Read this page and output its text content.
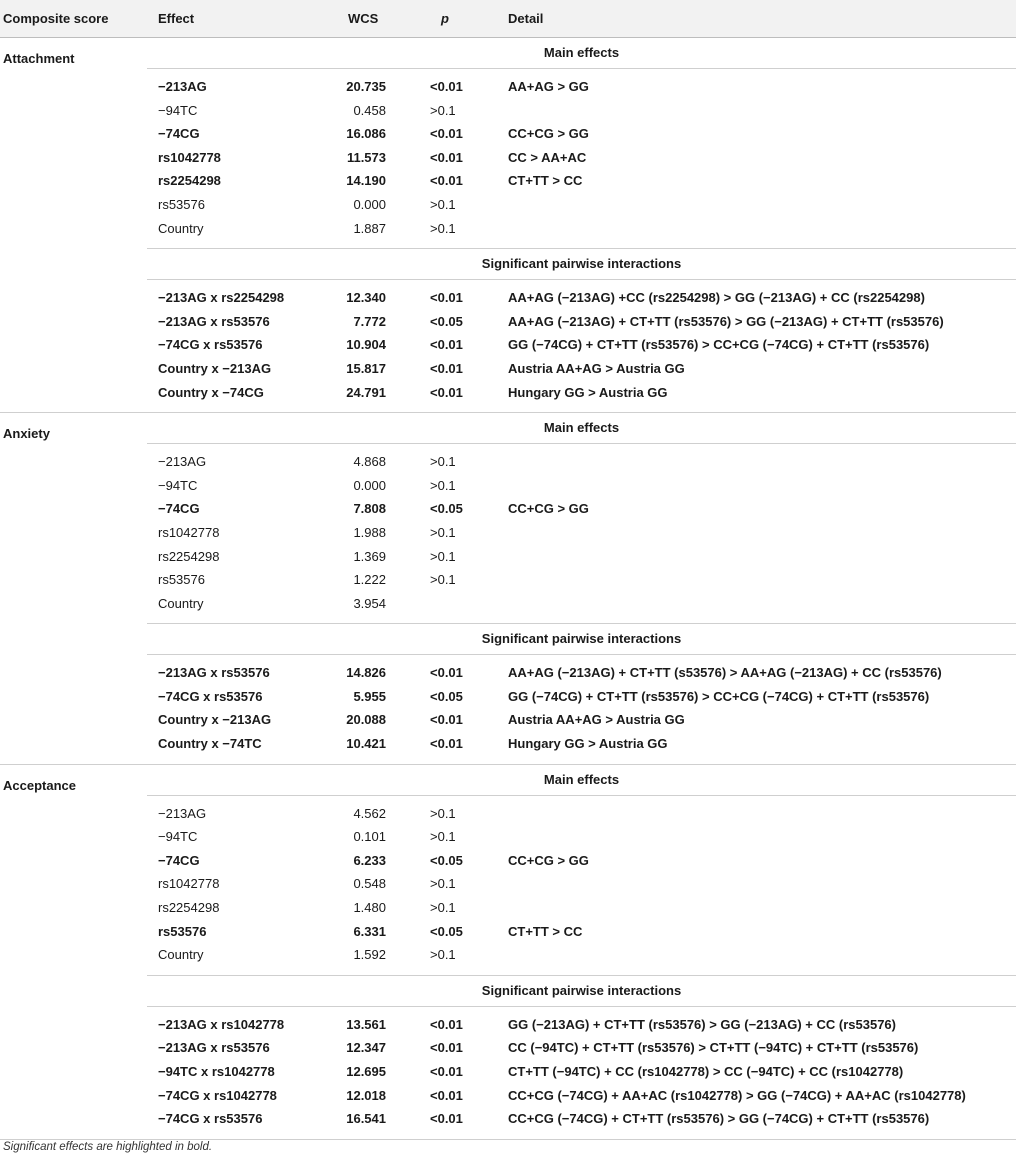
Composite score	Effect	WCS	p	Detail
Attachment	Main effects
−213AG	20.735	<0.01	AA+AG > GG
−94TC	0.458	>0.1
−74CG	16.086	<0.01	CC+CG > GG
rs1042778	11.573	<0.01	CC > AA+AC
rs2254298	14.190	<0.01	CT+TT > CC
rs53576	0.000	>0.1
Country	1.887	>0.1
Significant pairwise interactions
−213AG x rs2254298	12.340	<0.01	AA+AG (−213AG) +CC (rs2254298) > GG (−213AG) + CC (rs2254298)
−213AG x rs53576	7.772	<0.05	AA+AG (−213AG) + CT+TT (rs53576) > GG (−213AG) + CT+TT (rs53576)
−74CG x rs53576	10.904	<0.01	GG (−74CG) + CT+TT (rs53576) > CC+CG (−74CG) + CT+TT (rs53576)
Country x −213AG	15.817	<0.01	Austria AA+AG > Austria GG
Country x −74CG	24.791	<0.01	Hungary GG > Austria GG
Anxiety	Main effects
−213AG	4.868	>0.1
−94TC	0.000	>0.1
−74CG	7.808	<0.05	CC+CG > GG
rs1042778	1.988	>0.1
rs2254298	1.369	>0.1
rs53576	1.222	>0.1
Country	3.954
Significant pairwise interactions
−213AG x rs53576	14.826	<0.01	AA+AG (−213AG) + CT+TT (s53576) > AA+AG (−213AG) + CC (rs53576)
−74CG x rs53576	5.955	<0.05	GG (−74CG) + CT+TT (rs53576) > CC+CG (−74CG) + CT+TT (rs53576)
Country x −213AG	20.088	<0.01	Austria AA+AG > Austria GG
Country x −74TC	10.421	<0.01	Hungary GG > Austria GG
Acceptance	Main effects
−213AG	4.562	>0.1
−94TC	0.101	>0.1
−74CG	6.233	<0.05	CC+CG > GG
rs1042778	0.548	>0.1
rs2254298	1.480	>0.1
rs53576	6.331	<0.05	CT+TT > CC
Country	1.592	>0.1
Significant pairwise interactions
−213AG x rs1042778	13.561	<0.01	GG (−213AG) + CT+TT (rs53576) > GG (−213AG) + CC (rs53576)
−213AG x rs53576	12.347	<0.01	CC (−94TC) + CT+TT (rs53576) > CT+TT (−94TC) + CT+TT (rs53576)
−94TC x rs1042778	12.695	<0.01	CT+TT (−94TC) + CC (rs1042778) > CC (−94TC) + CC (rs1042778)
−74CG x rs1042778	12.018	<0.01	CC+CG (−74CG) + AA+AC (rs1042778) > GG (−74CG) + AA+AC (rs1042778)
−74CG x rs53576	16.541	<0.01	CC+CG (−74CG) + CT+TT (rs53576) > GG (−74CG) + CT+TT (rs53576)
Significant effects are highlighted in bold.
